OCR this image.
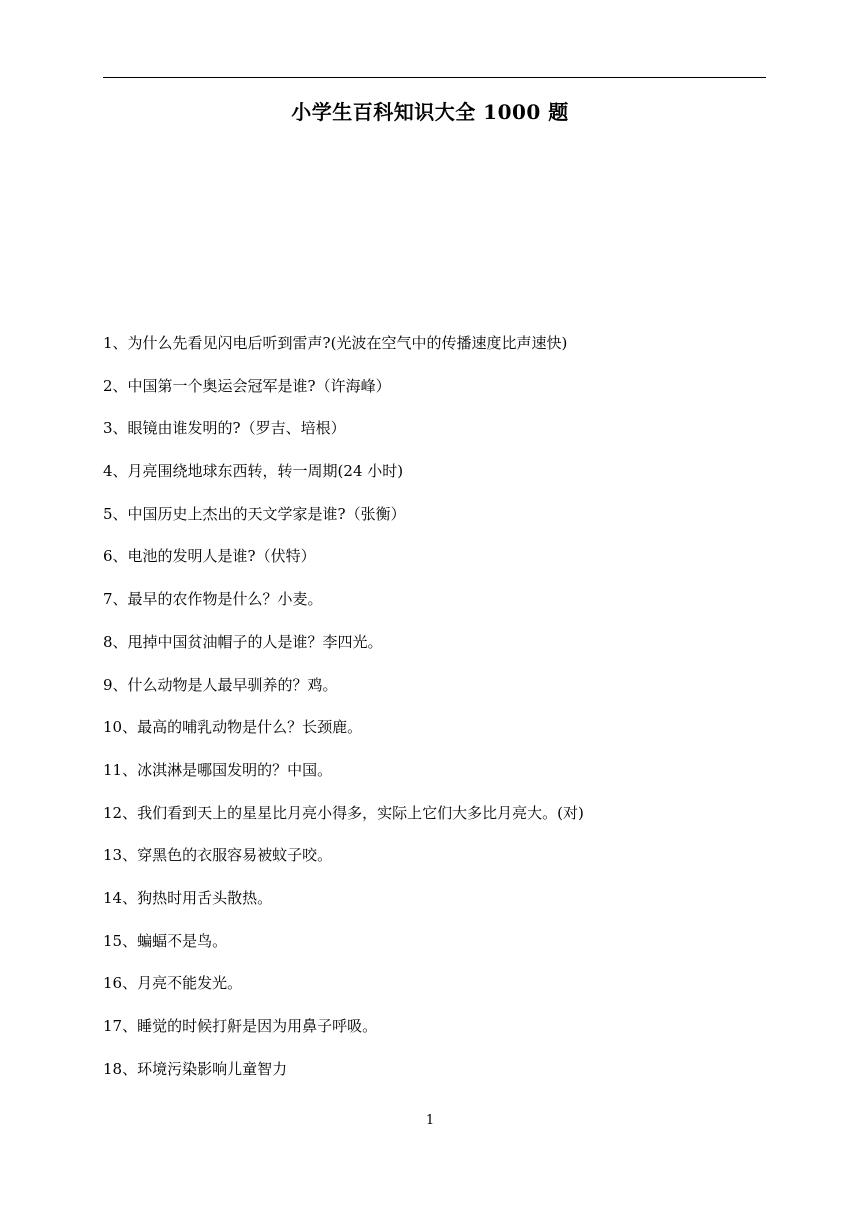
小学生百科知识大全 1000 题
1、为什么先看见闪电后听到雷声?(光波在空气中的传播速度比声速快)
2、中国第一个奥运会冠军是谁?（许海峰）
3、眼镜由谁发明的?（罗吉、培根）
4、月亮围绕地球东西转，转一周期(24 小时)
5、中国历史上杰出的天文学家是谁?（张衡）
6、电池的发明人是谁?（伏特）
7、最早的农作物是什么？小麦。
8、甩掉中国贫油帽子的人是谁？李四光。
9、什么动物是人最早驯养的？鸡。
10、最高的哺乳动物是什么？长颈鹿。
11、冰淇淋是哪国发明的？中国。
12、我们看到天上的星星比月亮小得多，实际上它们大多比月亮大。(对)
13、穿黑色的衣服容易被蚊子咬。
14、狗热时用舌头散热。
15、蝙蝠不是鸟。
16、月亮不能发光。
17、睡觉的时候打鼾是因为用鼻子呼吸。
18、环境污染影响儿童智力
1
